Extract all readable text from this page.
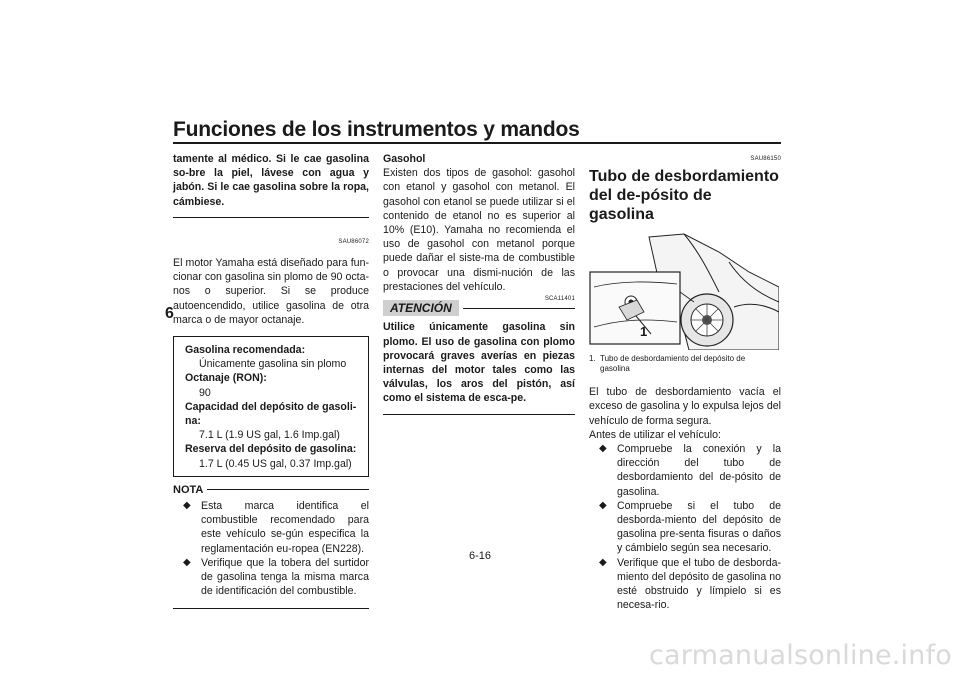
Funciones de los instrumentos y mandos
6

tamente al médico. Si le cae gasolina so-bre la piel, lávese con agua y jabón. Si le cae gasolina sobre la ropa, cámbiese.

SAU86072

El motor Yamaha está diseñado para fun-cionar con gasolina sin plomo de 90 octa-nos o superior. Si se produce autoencendido, utilice gasolina de otra marca o de mayor octanaje.

Gasolina recomendada:
Únicamente gasolina sin plomo
Octanaje (RON):
90
Capacidad del depósito de gasoli-na:
7.1 L (1.9 US gal, 1.6 Imp.gal)
Reserva del depósito de gasolina:
1.7 L (0.45 US gal, 0.37 Imp.gal)
NOTA
◆ Esta marca identifica el combustible recomendado para este vehículo se-gún especifica la reglamentación eu-ropea (EN228).
◆ Verifique que la tobera del surtidor de gasolina tenga la misma marca de identificación del combustible.

Gasohol

Existen dos tipos de gasohol: gasohol con etanol y gasohol con metanol. El gasohol con etanol se puede utilizar si el contenido de etanol no es superior al 10% (E10). Yamaha no recomienda el uso de gasohol con metanol porque puede dañar el siste-ma de combustible o provocar una dismi-nución de las prestaciones del vehículo.

ATENCIÓN
SCA11401

Utilice únicamente gasolina sin plomo. El uso de gasolina con plomo provocará graves averías en piezas internas del motor tales como las válvulas, los aros del pistón, así como el sistema de esca-pe.

SAU86150
Tubo de desbordamiento del de-pósito de gasolina
1
1. Tubo de desbordamiento del depósito de gasolina

El tubo de desbordamiento vacía el exceso de gasolina y lo expulsa lejos del vehículo de forma segura.

Antes de utilizar el vehículo:

◆ Compruebe la conexión y la dirección del tubo de desbordamiento del de-pósito de gasolina.
◆ Compruebe si el tubo de desborda-miento del depósito de gasolina pre-senta fisuras o daños y cámbielo según sea necesario.
◆ Verifique que el tubo de desborda-miento del depósito de gasolina no esté obstruido y límpielo si es necesa-rio.
6-16
carmanualsonline.info
